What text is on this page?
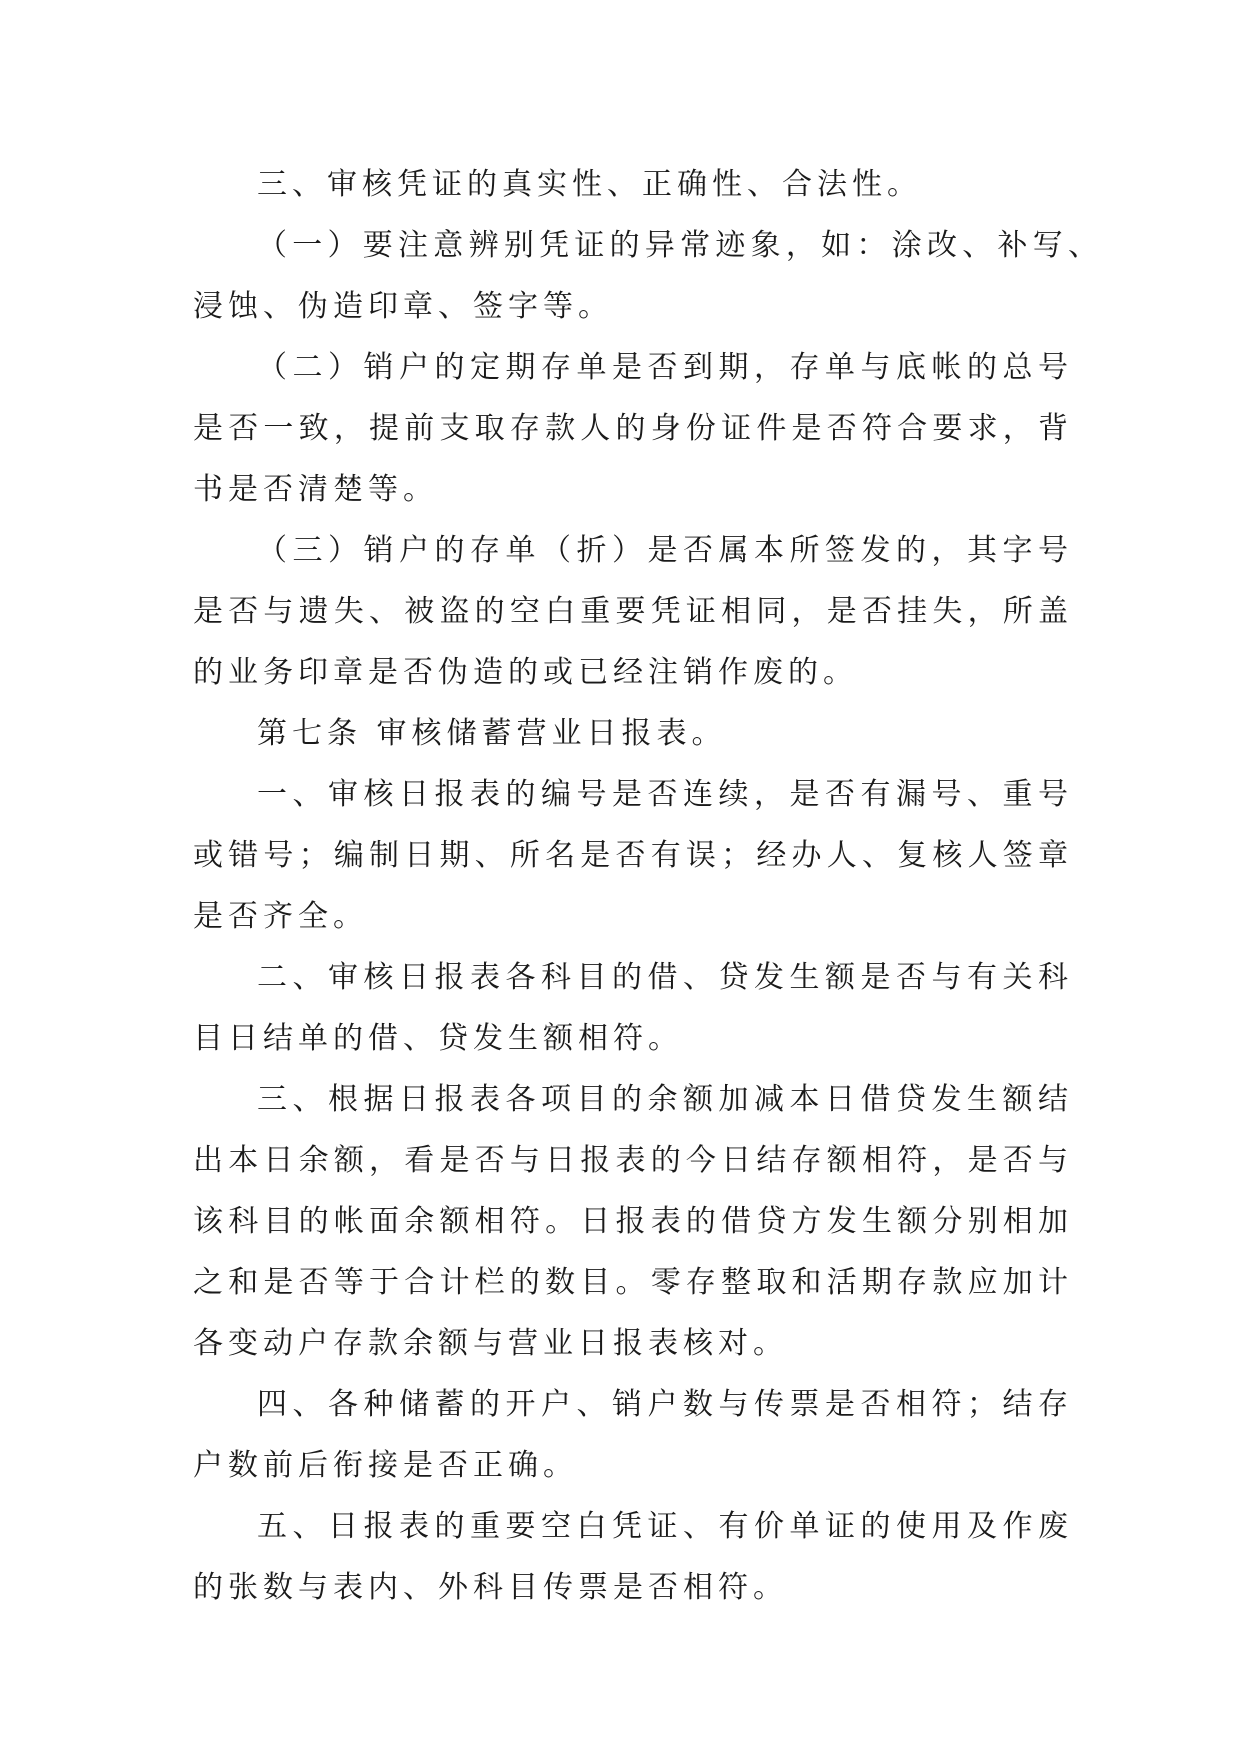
三、审核凭证的真实性、正确性、合法性。

（一）要注意辨别凭证的异常迹象，如：涂改、补写、浸蚀、伪造印章、签字等。

（二）销户的定期存单是否到期，存单与底帐的总号是否一致，提前支取存款人的身份证件是否符合要求，背书是否清楚等。

（三）销户的存单（折）是否属本所签发的，其字号是否与遗失、被盗的空白重要凭证相同，是否挂失，所盖的业务印章是否伪造的或已经注销作废的。

第七条 审核储蓄营业日报表。

一、审核日报表的编号是否连续，是否有漏号、重号或错号；编制日期、所名是否有误；经办人、复核人签章是否齐全。

二、审核日报表各科目的借、贷发生额是否与有关科目日结单的借、贷发生额相符。

三、根据日报表各项目的余额加减本日借贷发生额结出本日余额，看是否与日报表的今日结存额相符，是否与该科目的帐面余额相符。日报表的借贷方发生额分别相加之和是否等于合计栏的数目。零存整取和活期存款应加计各变动户存款余额与营业日报表核对。

四、各种储蓄的开户、销户数与传票是否相符；结存户数前后衔接是否正确。

五、日报表的重要空白凭证、有价单证的使用及作废的张数与表内、外科目传票是否相符。
